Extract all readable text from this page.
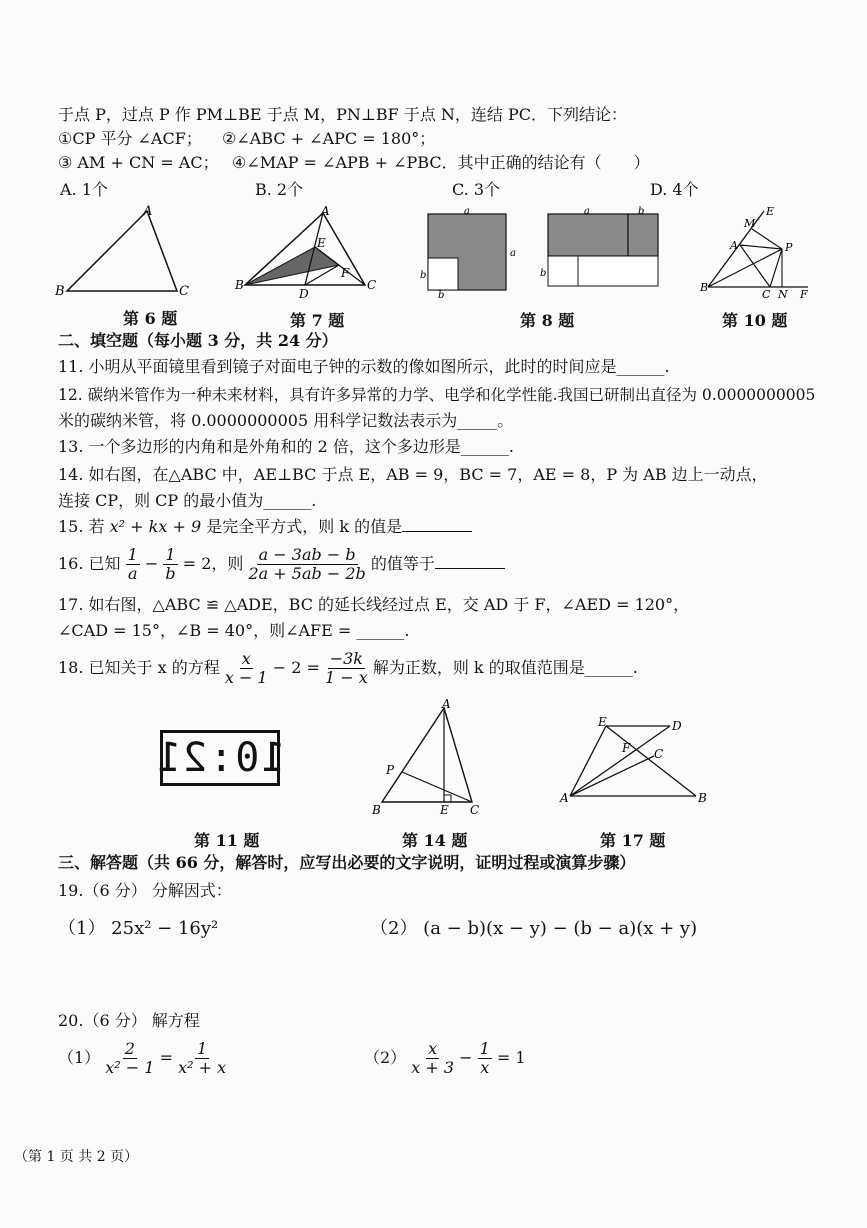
于点 P，过点 P 作 PM⊥BE 于点 M，PN⊥BF 于点 N，连结 PC．下列结论：
①CP 平分 ∠ACF； ②∠ABC + ∠APC = 180°；
③ AM + CN = AC； ④∠MAP = ∠APB + ∠PBC．其中正确的结论有（　　）
A. 1个	B. 2个	C. 3个	D. 4个
A
B	C
第 6 题
A
B	C
D
E
F
第 7 题
a
a
b
b
a	b
b
第 8 题
M
E
A	P
B
C N F
第 10 题
二、填空题（每小题 3 分，共 24 分）
11. 小明从平面镜里看到镜子对面电子钟的示数的像如图所示，此时的时间应是______.
12. 碳纳米管作为一种未来材料，具有许多异常的力学、电学和化学性能.我国已研制出直径为 0.0000000005
米的碳纳米管，将 0.0000000005 用科学记数法表示为_____。
13. 一个多边形的内角和是外角和的 2 倍，这个多边形是______.
14. 如右图，在△ABC 中，AE⊥BC 于点 E，AB = 9，BC = 7，AE = 8，P 为 AB 边上一动点，
连接 CP，则 CP 的最小值为______.
15. 若 x² + kx + 9 是完全平方式，则 k 的值是
16. 已知 $\frac{1}{a} - \frac{1}{b} = 2$，则 $\frac{a - 3ab - b}{2a + 5ab - 2b}$ 的值等于
17. 如右图，△ABC ≌ △ADE，BC 的延长线经过点 E，交 AD 于 F，∠AED = 120°，
∠CAD = 15°，∠B = 40°，则∠AFE = ______.
18. 已知关于 x 的方程 $\frac{x}{x - 1} - 2 = \frac{-3k}{1 - x}$ 解为正数，则 k 的取值范围是______.
10:21
第 11 题
A
P
B	E C
第 14 题
E	D
F C
A	B
第 17 题
三、解答题（共 66 分，解答时，应写出必要的文字说明，证明过程或演算步骤）
19.（6 分） 分解因式：
（1） 25x² − 16y²	（2） (a − b)(x − y) − (b − a)(x + y)
20.（6 分） 解方程
$(1) \frac{2}{\text{x² − 1}} = \frac{1}{\text{x² + x}}$	$(2) \frac{x}{x + 3} - \frac{1}{x} = 1$
（第 1 页 共 2 页）
